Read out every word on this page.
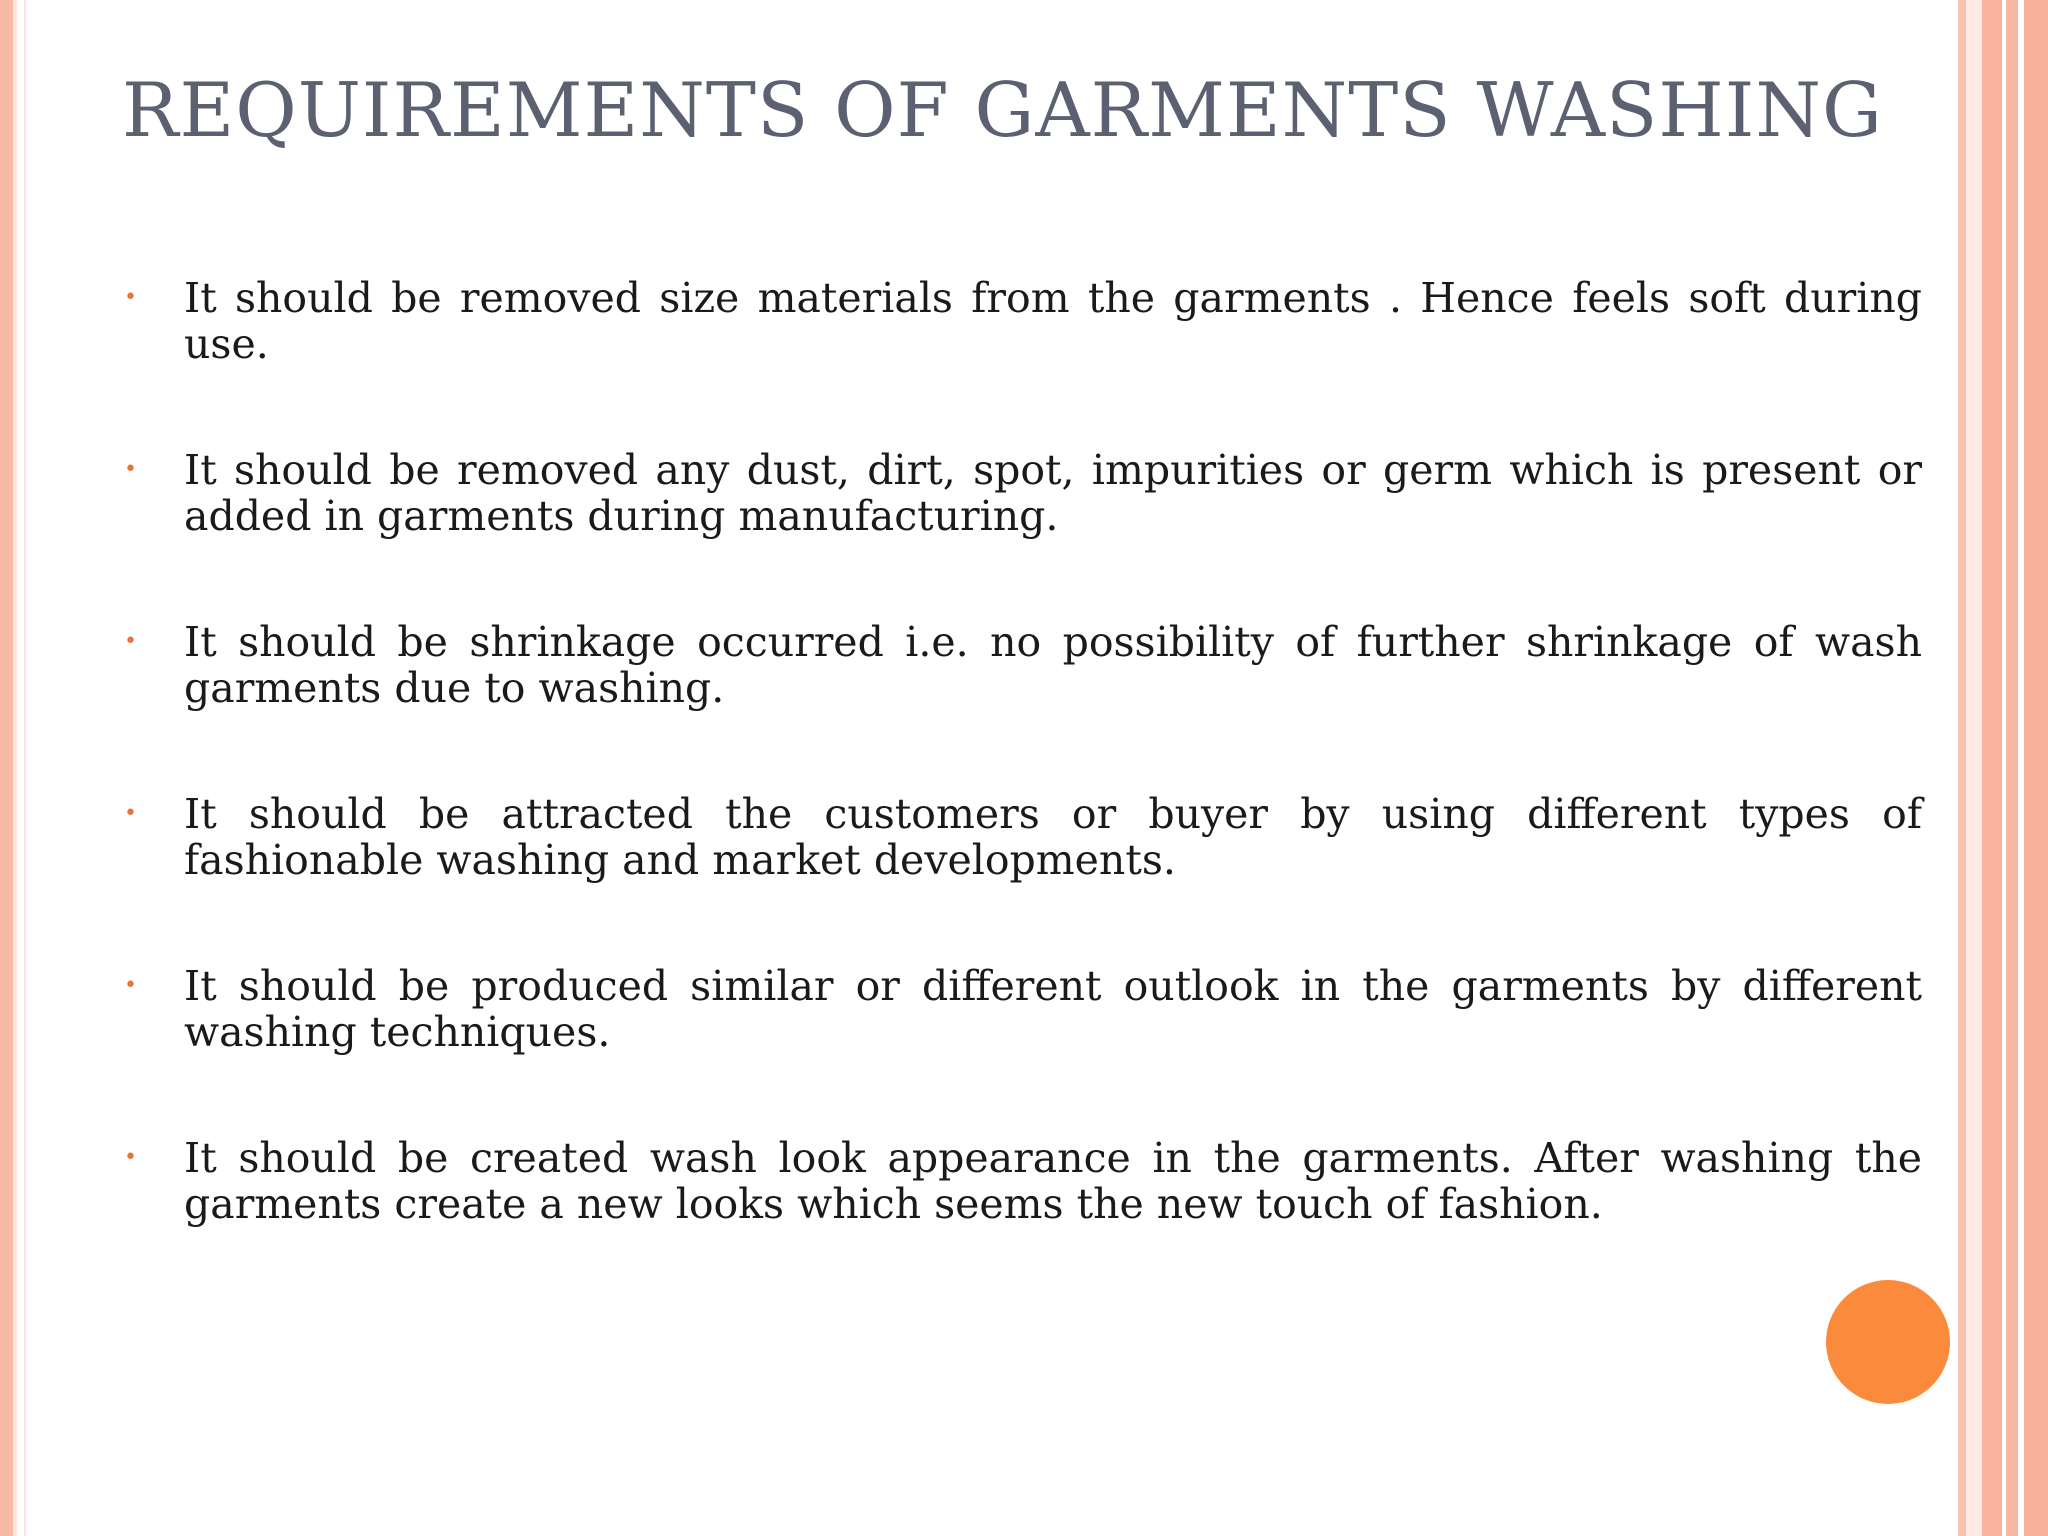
REQUIREMENTS OF GARMENTS WASHING
• It should be removed size materials from the garments . Hence feels soft during use.
• It should be removed any dust, dirt, spot, impurities or germ which is present or added in garments during manufacturing.
• It should be shrinkage occurred i.e. no possibility of further shrinkage of wash garments due to washing.
• It should be attracted the customers or buyer by using different types of fashionable washing and market developments.
• It should be produced similar or different outlook in the garments by different washing techniques.
• It should be created wash look appearance in the garments. After washing the garments create a new looks which seems the new touch of fashion.
